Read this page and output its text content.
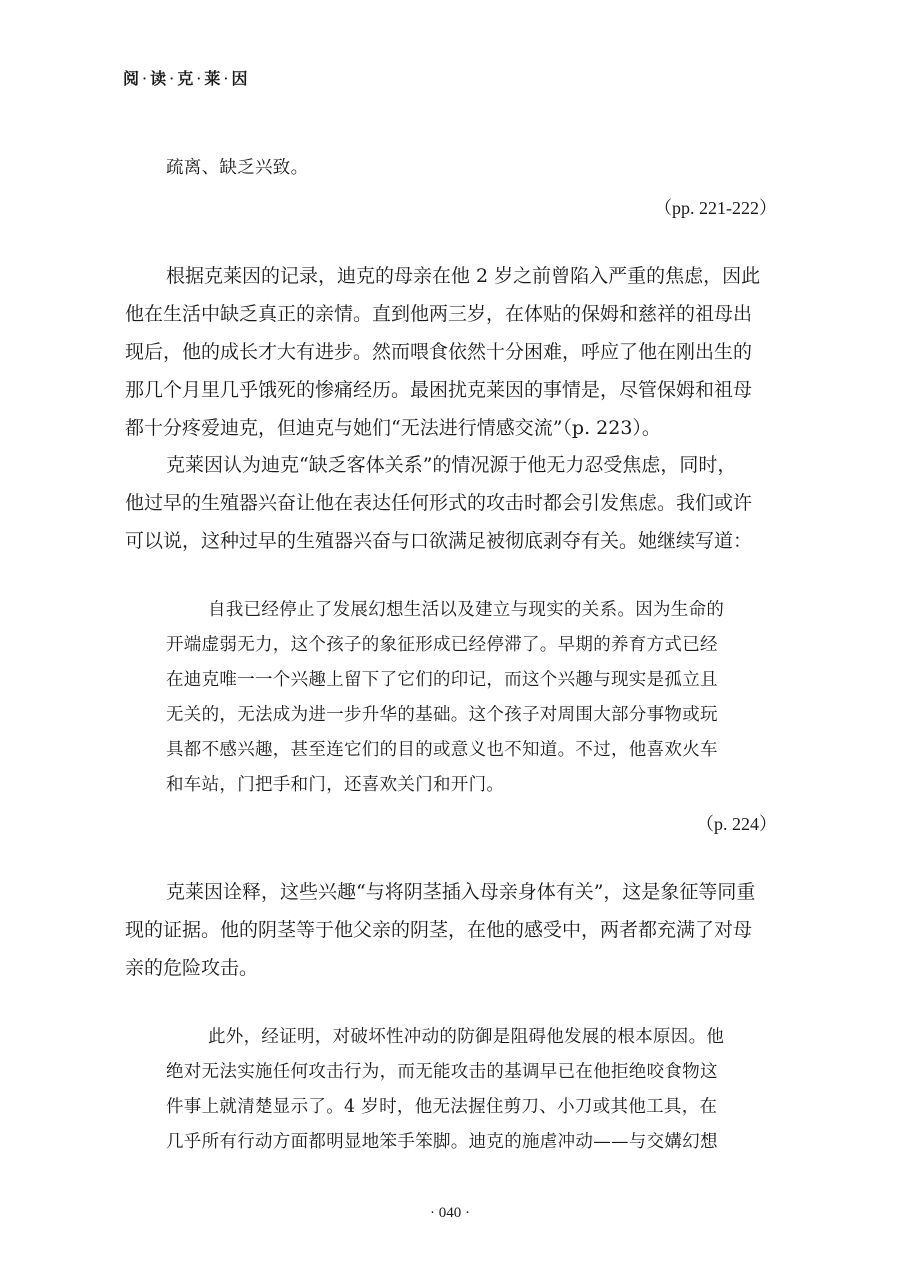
阅 · 读 · 克 · 莱 · 因
疏离、缺乏兴致。
（pp. 221-222）
根据克莱因的记录，迪克的母亲在他 2 岁之前曾陷入严重的焦虑，因此
他在生活中缺乏真正的亲情。直到他两三岁，在体贴的保姆和慈祥的祖母出
现后，他的成长才大有进步。然而喂食依然十分困难，呼应了他在刚出生的
那几个月里几乎饿死的惨痛经历。最困扰克莱因的事情是，尽管保姆和祖母
都十分疼爱迪克，但迪克与她们“无法进行情感交流”（p. 223）。
克莱因认为迪克“缺乏客体关系”的情况源于他无力忍受焦虑，同时，
他过早的生殖器兴奋让他在表达任何形式的攻击时都会引发焦虑。我们或许
可以说，这种过早的生殖器兴奋与口欲满足被彻底剥夺有关。她继续写道：
自我已经停止了发展幻想生活以及建立与现实的关系。因为生命的
开端虚弱无力，这个孩子的象征形成已经停滞了。早期的养育方式已经
在迪克唯一一个兴趣上留下了它们的印记，而这个兴趣与现实是孤立且
无关的，无法成为进一步升华的基础。这个孩子对周围大部分事物或玩
具都不感兴趣，甚至连它们的目的或意义也不知道。不过，他喜欢火车
和车站，门把手和门，还喜欢关门和开门。
（p. 224）
克莱因诠释，这些兴趣“与将阴茎插入母亲身体有关”，这是象征等同重
现的证据。他的阴茎等于他父亲的阴茎，在他的感受中，两者都充满了对母
亲的危险攻击。
此外，经证明，对破坏性冲动的防御是阻碍他发展的根本原因。他
绝对无法实施任何攻击行为，而无能攻击的基调早已在他拒绝咬食物这
件事上就清楚显示了。4 岁时，他无法握住剪刀、小刀或其他工具，在
几乎所有行动方面都明显地笨手笨脚。迪克的施虐冲动——与交媾幻想
· 040 ·
